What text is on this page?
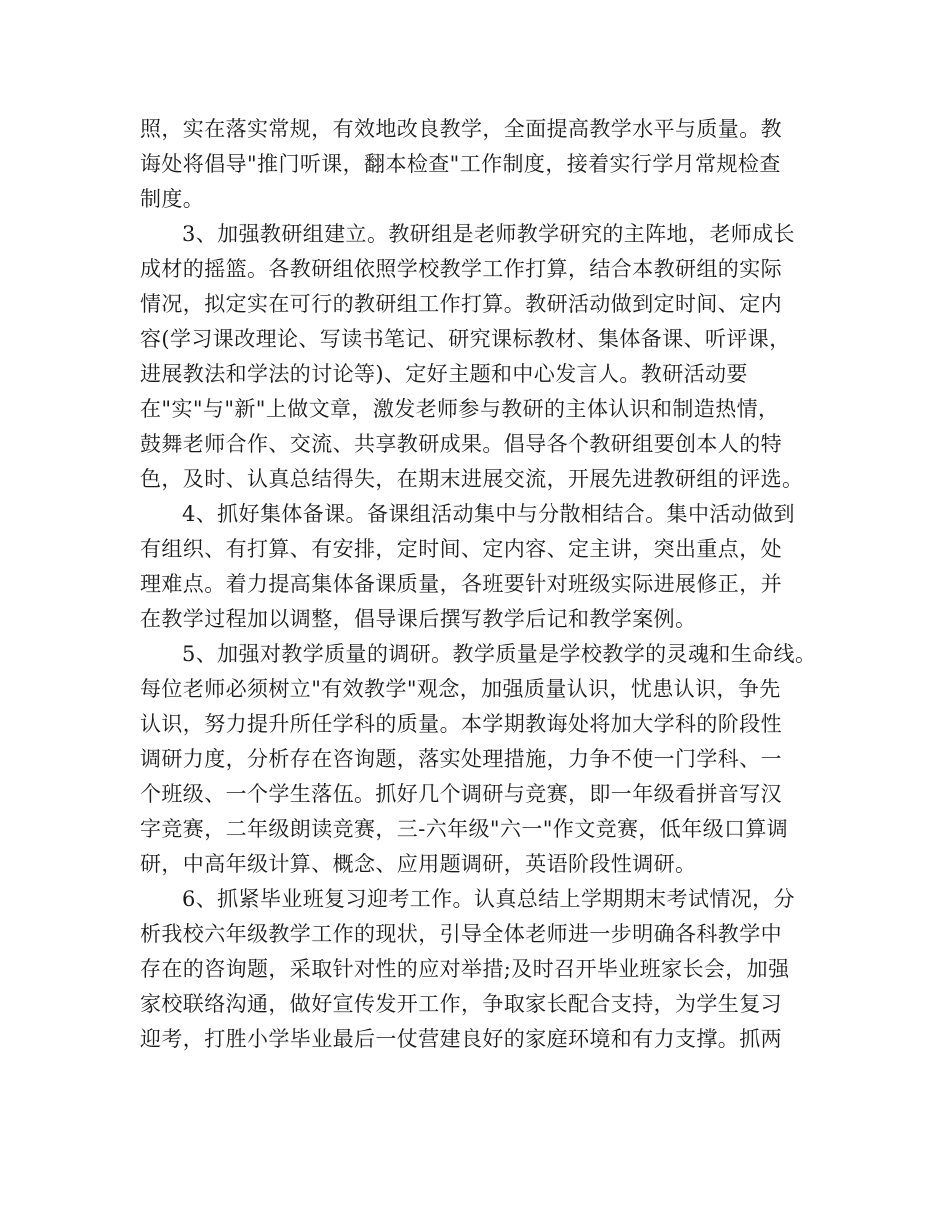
照，实在落实常规，有效地改良教学，全面提高教学水平与质量。教
诲处将倡导"推门听课，翻本检查"工作制度，接着实行学月常规检查
制度。
3、加强教研组建立。教研组是老师教学研究的主阵地，老师成长
成材的摇篮。各教研组依照学校教学工作打算，结合本教研组的实际
情况，拟定实在可行的教研组工作打算。教研活动做到定时间、定内
容(学习课改理论、写读书笔记、研究课标教材、集体备课、听评课，
进展教法和学法的讨论等)、定好主题和中心发言人。教研活动要
在"实"与"新"上做文章，激发老师参与教研的主体认识和制造热情，
鼓舞老师合作、交流、共享教研成果。倡导各个教研组要创本人的特
色，及时、认真总结得失，在期末进展交流，开展先进教研组的评选。
4、抓好集体备课。备课组活动集中与分散相结合。集中活动做到
有组织、有打算、有安排，定时间、定内容、定主讲，突出重点，处
理难点。着力提高集体备课质量，各班要针对班级实际进展修正，并
在教学过程加以调整，倡导课后撰写教学后记和教学案例。
5、加强对教学质量的调研。教学质量是学校教学的灵魂和生命线。
每位老师必须树立"有效教学"观念，加强质量认识，忧患认识，争先
认识，努力提升所任学科的质量。本学期教诲处将加大学科的阶段性
调研力度，分析存在咨询题，落实处理措施，力争不使一门学科、一
个班级、一个学生落伍。抓好几个调研与竞赛，即一年级看拼音写汉
字竞赛，二年级朗读竞赛，三-六年级"六一"作文竞赛，低年级口算调
研，中高年级计算、概念、应用题调研，英语阶段性调研。
6、抓紧毕业班复习迎考工作。认真总结上学期期末考试情况，分
析我校六年级教学工作的现状，引导全体老师进一步明确各科教学中
存在的咨询题，采取针对性的应对举措;及时召开毕业班家长会，加强
家校联络沟通，做好宣传发开工作，争取家长配合支持，为学生复习
迎考，打胜小学毕业最后一仗营建良好的家庭环境和有力支撑。抓两
